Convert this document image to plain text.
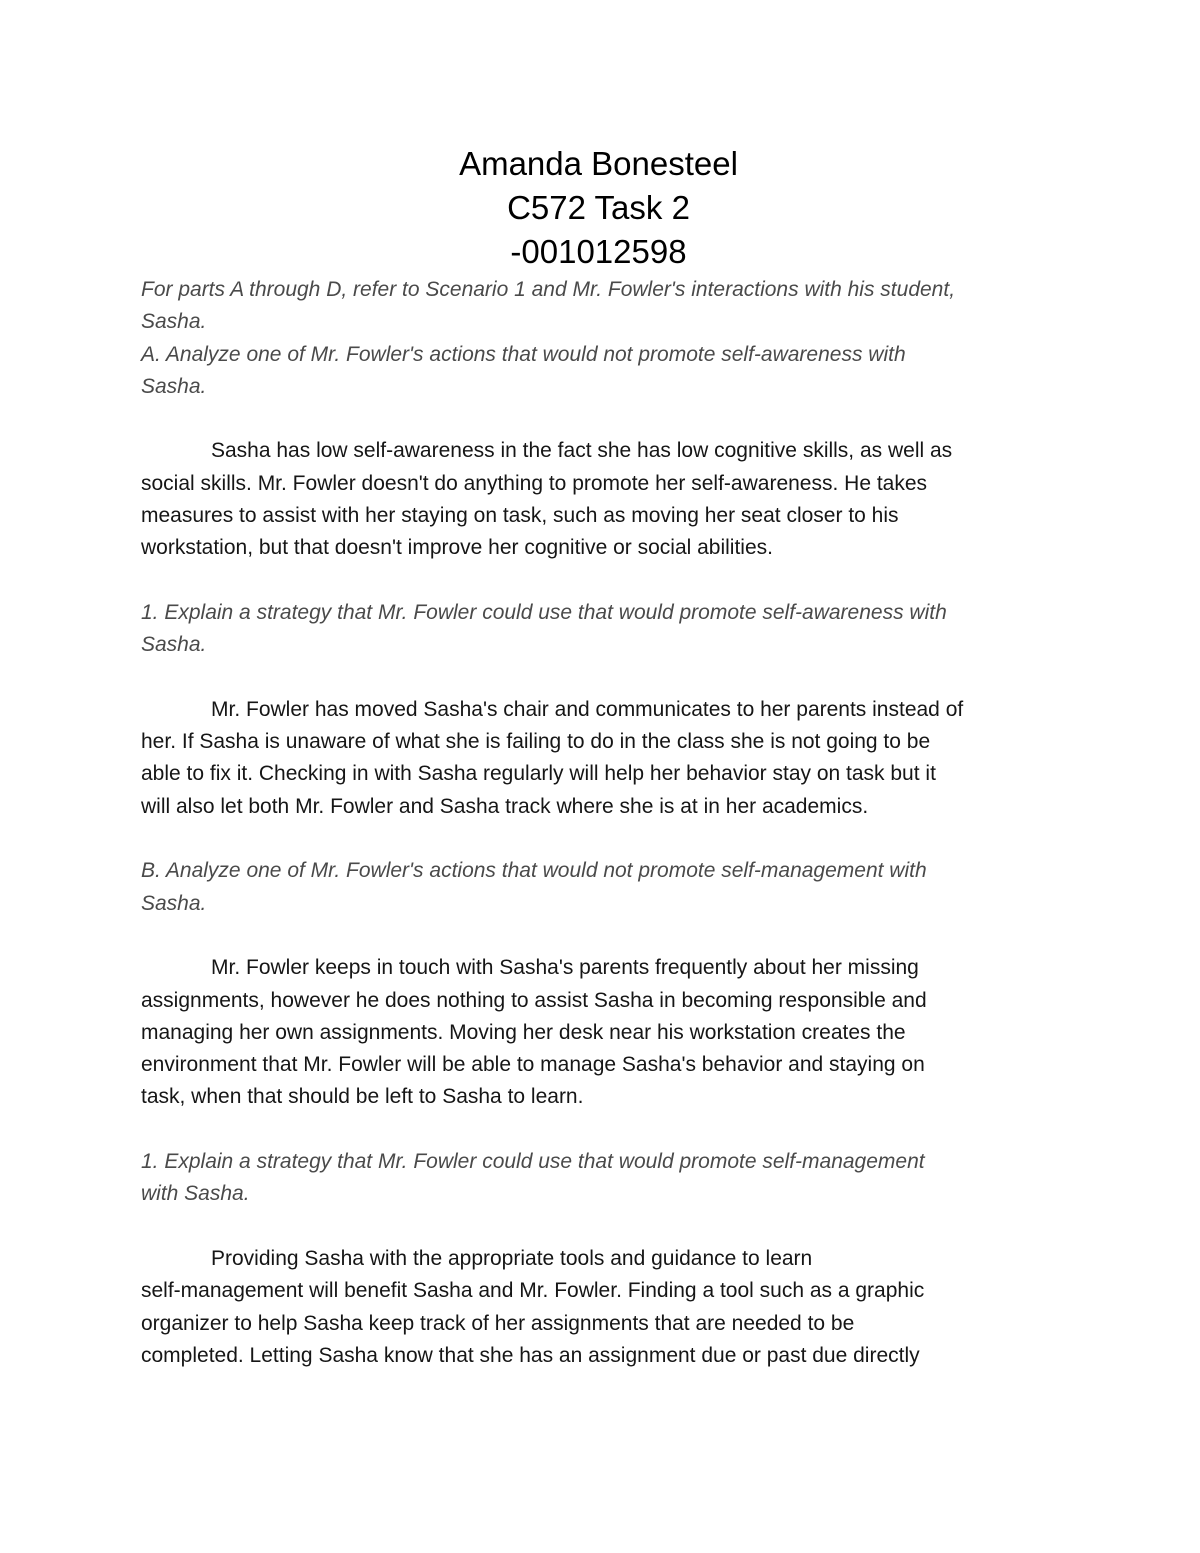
Amanda Bonesteel

C572 Task 2

-001012598

For parts A through D, refer to Scenario 1 and Mr. Fowler's interactions with his student,
Sasha.

A. Analyze one of Mr. Fowler's actions that would not promote self-awareness with
Sasha.

Sasha has low self-awareness in the fact she has low cognitive skills, as well as
social skills. Mr. Fowler doesn't do anything to promote her self-awareness. He takes
measures to assist with her staying on task, such as moving her seat closer to his
workstation, but that doesn't improve her cognitive or social abilities.

1. Explain a strategy that Mr. Fowler could use that would promote self-awareness with
Sasha.

Mr. Fowler has moved Sasha's chair and communicates to her parents instead of
her. If Sasha is unaware of what she is failing to do in the class she is not going to be
able to fix it. Checking in with Sasha regularly will help her behavior stay on task but it
will also let both Mr. Fowler and Sasha track where she is at in her academics.

B. Analyze one of Mr. Fowler's actions that would not promote self-management with
Sasha.

Mr. Fowler keeps in touch with Sasha's parents frequently about her missing
assignments, however he does nothing to assist Sasha in becoming responsible and
managing her own assignments. Moving her desk near his workstation creates the
environment that Mr. Fowler will be able to manage Sasha's behavior and staying on
task, when that should be left to Sasha to learn.

1. Explain a strategy that Mr. Fowler could use that would promote self-management
with Sasha.

Providing Sasha with the appropriate tools and guidance to learn
self-management will benefit Sasha and Mr. Fowler. Finding a tool such as a graphic
organizer to help Sasha keep track of her assignments that are needed to be
completed. Letting Sasha know that she has an assignment due or past due directly
